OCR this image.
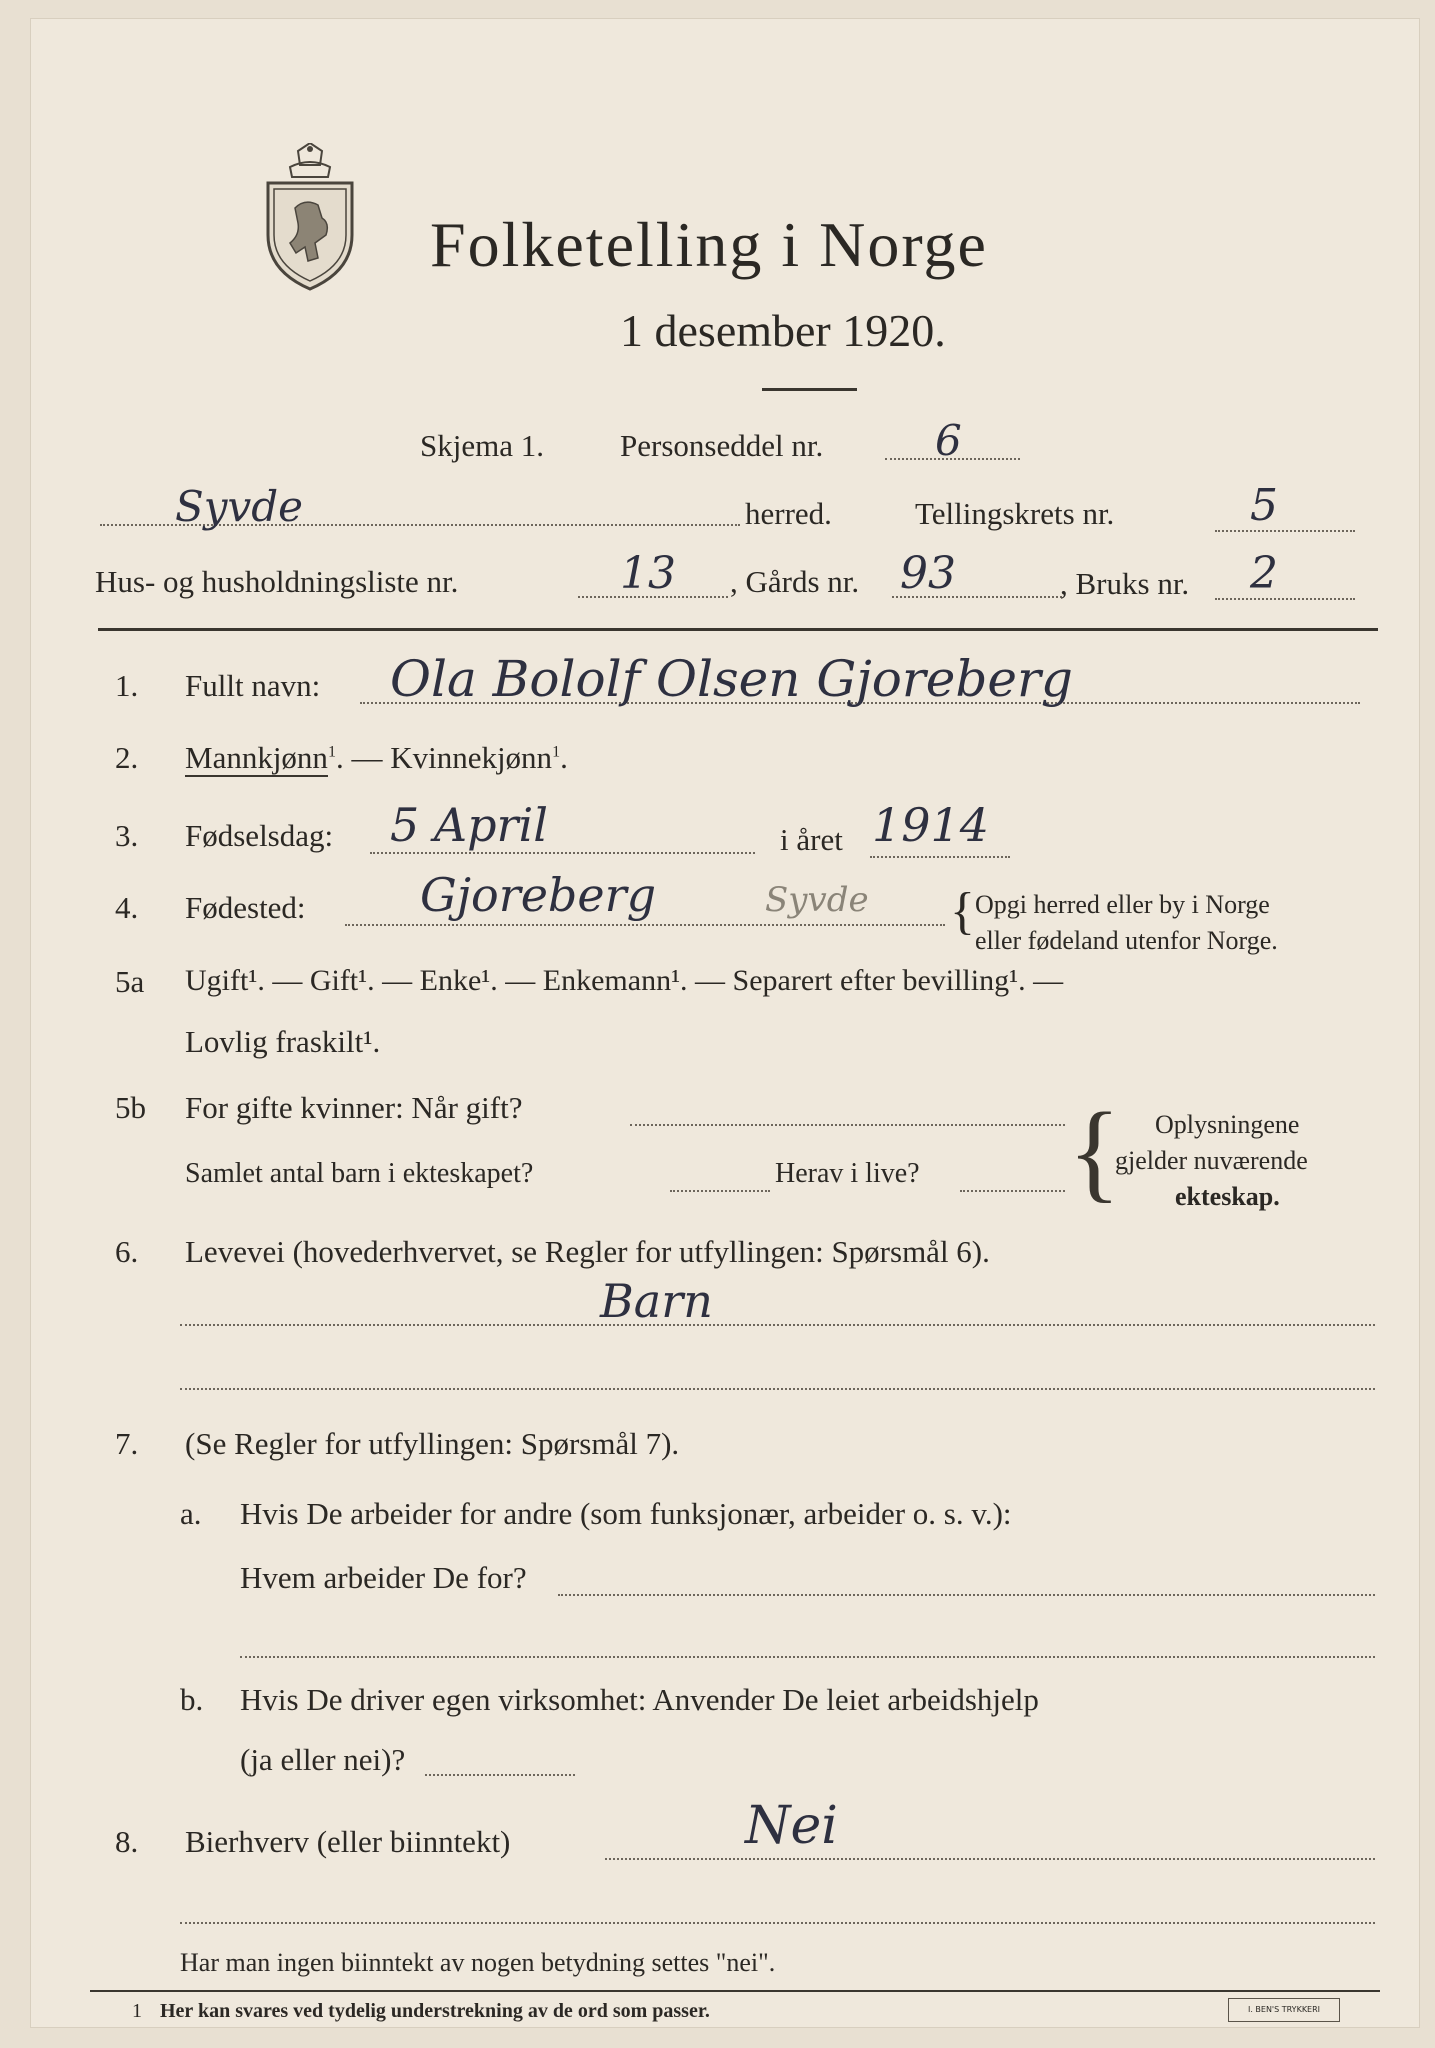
Folketelling i Norge
1 desember 1920.
Skjema 1. Personseddel nr.	6
Syvde	herred.	Tellingskrets nr.	5
Hus- og husholdningsliste nr.	13 , Gårds nr. 93	, Bruks nr. 2
1. Fullt navn: Ola Bololf Olsen Gjoreberg
2. Mannkjønn$^1$. — Kvinnekjønn$^1$.
3. Fødselsdag: 5 April	i året 1914
4. Fødested: Gjoreberg	Syvde { Opgi herred eller by i Norge
eller fødeland utenfor Norge.
5a Ugift¹. — Gift¹. — Enke¹. — Enkemann¹. — Separert efter bevilling¹. —
Lovlig fraskilt¹.
5b For gifte kvinner: Når gift?
Samlet antal barn i ekteskapet?	Herav i live? { Oplysningene
gjelder nuværende
ekteskap.
6. Levevei (hovederhvervet, se Regler for utfyllingen: Spørsmål 6).
Barn
7. (Se Regler for utfyllingen: Spørsmål 7).
a. Hvis De arbeider for andre (som funksjonær, arbeider o. s. v.):
Hvem arbeider De for?
b. Hvis De driver egen virksomhet: Anvender De leiet arbeidshjelp
(ja eller nei)?
8. Bierhverv (eller biinntekt)	Nei
Har man ingen biinntekt av nogen betydning settes "nei".
1 Her kan svares ved tydelig understrekning av de ord som passer.	I. BEN'S TRYKKERI
